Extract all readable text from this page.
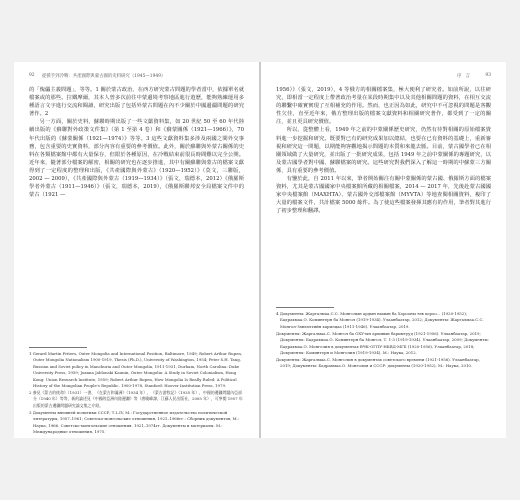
92 從援手到冷戰：共產國際與蒙古國的史料研究（1945—1949）

的「傀儡主義問題」，等等。1 關於蒙古政治、在西方研究蒙古問題的學者當中，依據單名就檔案或的那些。拉鐵摩爾，其本人曾多次前往中蒙邊境考察地區進行遊歷，能夠熟練運用多種語言文字進行交流和閱讀，研究出版了包括外蒙古問題在內不少關於中國邊疆問題的研究著作。2

另一方面，關於史料，蘇聯時期出版了一些文獻資料集，如 20 世紀 50 至 60 年代陸續出版的《蘇聯對外政策文件集》（第 1 至第 4 卷）和《蘇蒙關係（1921—1966）》，70 年代出版的《蘇蒙關係（1921—1974）》等等。3 這些文獻資料集多涉及兩國之間外交事務，包含重要的史實資料，部分內容有重要的參考價值。此外，關於蘇聯與外蒙古關係的史料在各類檔案館中都有大量保存，但限於各種原因，在冷戰結束前很長時間難以完全公開。近年來，隨著部分檔案的解密，相關的研究也在逐步推進，其中有關蘇聯與蒙古的檔案文獻得到了一定程度的整理和出版，《共產國際與外蒙古》（1920—1952）》（莫文，三聯版，2002 — 2009），《共產國際與外蒙古（1919—1934）》（張文，瑞德本，2012）《俄羅斯學者外蒙古（1911—1946）》（張文，瑞德本，2019），《俄羅斯聯邦安全局檔案文件中的蒙古（1921 —

1 Gerard Martin Friters, Outer Mongolia and International Position, Baltimore, 1949; Robert Arthur Rupen, Outer Mongolia Nationalism 1900-1919, Thesis (Ph.D.), University of Washington, 1954; Peter S.H. Tang, Russian and Soviet policy in Manchuria and Outer Mongolia, 1911-1931, Durham, North Carolina: Duke University Press, 1959; Joanna Jablonski Kaunin, Outer Mongolia: A Study in Soviet Colonialism, Hong Kong: Union Research Institute, 1959; Robert Arthur Rupen, How Mongolia Is Really Ruled: A Political History of the Mongolian People's Republic, 1900-1978, Stanford: Hoover Institution Press, 1979.

2 参見《蒙古的使命》（1931）一書、《在蒙古和滿洲》（1934 年），《蒙古游牧記》（1935 年），中國的邊疆問題內亞部分（1940 年）等等，新的論述見《中國的亞洲內陸邊疆》等（唐曉峰譯，江蘇人民出版社，2005 年），可參閱 1957 年出版的蒙古邊疆問題研究論文集之介紹。

3 Документы внешней политики СССР, Т.I–IV, М.: Государственное издательство политической литературы, 1957–1961; Советско-монгольские отношения, 1921–1966гг.: Сборник документов, М.: Наука, 1966. Советско-монгольские отношения. 1921–1974гг. Документы и материалы. М.: Международные отношения, 1975.

序　言	93

1956）》（張文，2019），4 等俄方的相關檔案集，極大便利了研究者。如前所說，以往研究，即相當一定程度上帶著政治考量在某段時期集中以及其他相關問題的資料，在相互交流的聯繫中確實實現了互相補充的作用。然而，也正因為如此，研究中不可忽視的問題是客觀性欠佳，直至近年來，俄方整理出版的檔案文獻資料和相關研究著作，都受到了一定的關注，並且更具研究價值。

所以，從整體上看，1949 年之前的中蒙關係歷史研究，仍然有待對相關的原始檔案資料進一步挖掘和研究。既要對已有的研究成果加以總結，也要在已有資料的基礎上，重新審視和研究這一問題，以期能夠客觀地揭示問題的本質和來龍去脈。目前，蒙古國學者已在相關領域做了大量研究，並出版了一批研究成果，包括 1949 年之前中蒙關係的專題研究，以及蒙古國學者對中國、蘇聯檔案的研究。這些研究對我們深入了解這一時期的中蘇蒙三方關係，具有重要的參考價值。

有鑒於此，自 2011 年以來，筆者開始關注有關中蒙關係的蒙古國、俄羅斯方面的檔案資料，尤其是蒙古國國家中央檔案館所藏的相關檔案，2014 — 2017 年，先後赴蒙古國國家中央檔案館（MAXHTA）、蒙古國外交部檔案館（MYVTA）等地查閱相關資料，複印了大量的檔案文件，共計檔案 5000 餘件。為了使這些檔案發揮其應有的作用，筆者對其進行了初步整理和翻譯。

4 Документы: Жаргалмаа.С.С. Монголын ардын намын ба Хорооны төв хороо... (1920-1952); Бадрахмаа.О. Коминтерн ба Монгол (1919-1934). Улаанбаатар, 2012; Документы: Жаргалмаа.С.С. Монгол-Зөвлөлтийн харилцаа (1911-1946). Улаанбаатар, 2019.

Документы: Жаргалмаа.С. Монгол ба ОХУ-ын архивын баримтууд (1921-1956). Улаанбаатар, 2019; Документы: Бадрахмаа.О. Коминтерн ба Монгол, Т. 1-3 (1919-1934). Улаанбаатар, 2009; Документы: Бадрахмаа.О. Монголия в документах ВЧК-ОГПУ-НКВД-МГБ (1920-1956), Улаанбаатар, 2018; Документы: Коминтерн и Монголия (1919-1934), М.: Наука, 2012.

Документы: Жаргалмаа.С. Монголия в документах советского времени (1921-1956). Улаанбаатар, 2019; Документы: Бадрахмаа.О. Монголия и СССР: документы (1920-1952), М.: Наука, 2010.
